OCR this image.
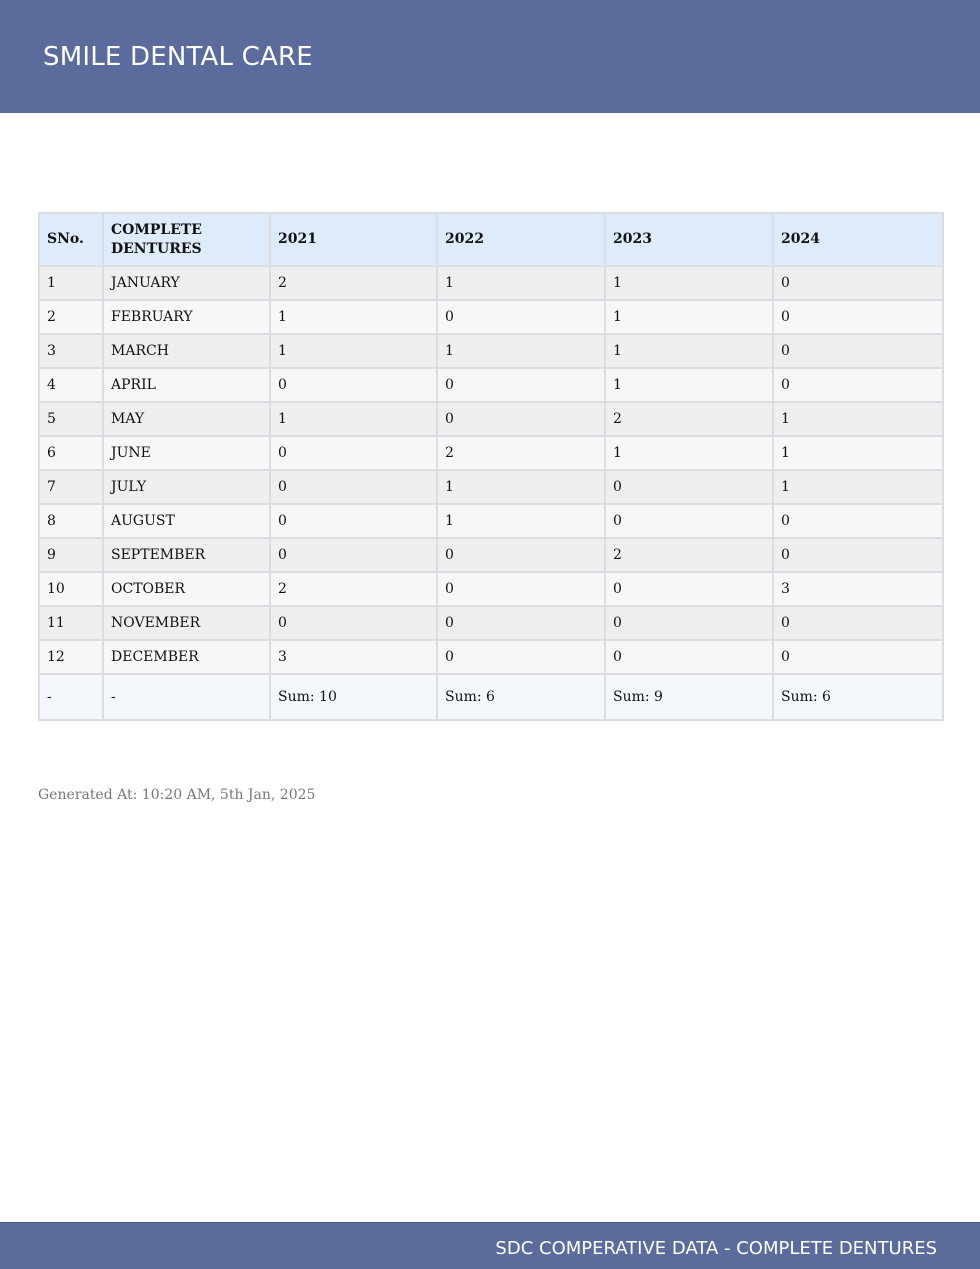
SMILE DENTAL CARE
SNo.	COMPLETE DENTURES	2021	2022	2023	2024
1	JANUARY	2	1	1	0
2	FEBRUARY	1	0	1	0
3	MARCH	1	1	1	0
4	APRIL	0	0	1	0
5	MAY	1	0	2	1
6	JUNE	0	2	1	1
7	JULY	0	1	0	1
8	AUGUST	0	1	0	0
9	SEPTEMBER	0	0	2	0
10	OCTOBER	2	0	0	3
11	NOVEMBER	0	0	0	0
12	DECEMBER	3	0	0	0
-	-	Sum: 10	Sum: 6	Sum: 9	Sum: 6
Generated At: 10:20 AM, 5th Jan, 2025
SDC COMPERATIVE DATA - COMPLETE DENTURES
